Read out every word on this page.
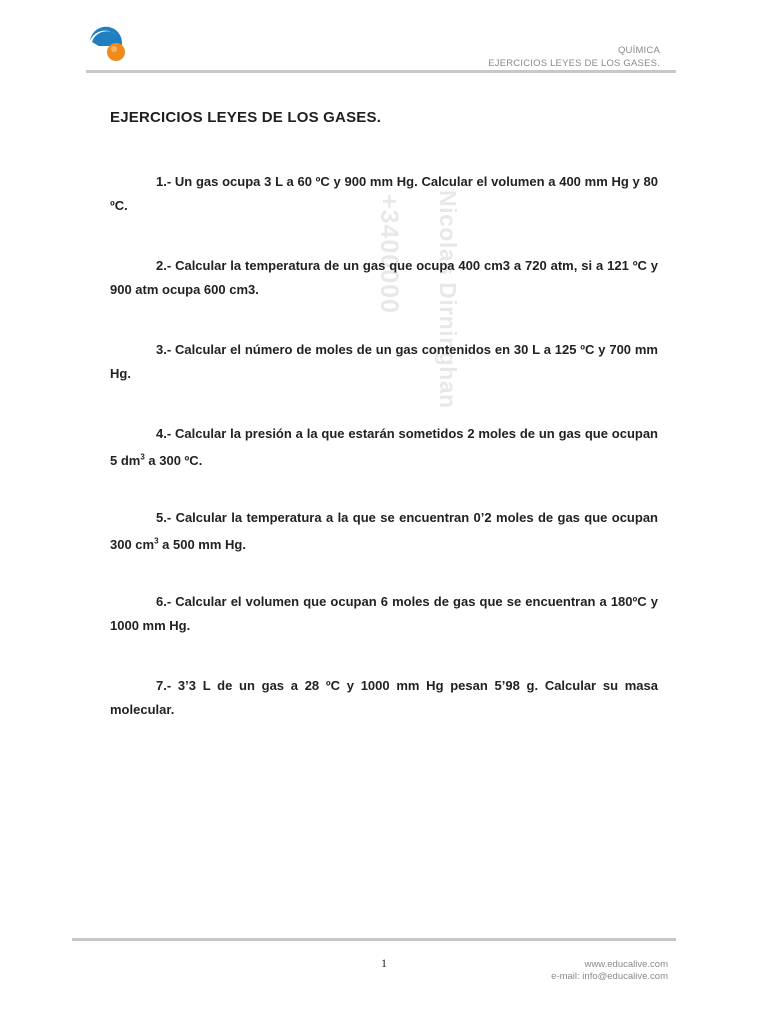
QUÍMICA
EJERCICIOS LEYES DE LOS GASES.
Nicolas Dirninghan
+3400000
EJERCICIOS LEYES DE LOS GASES.
1.- Un gas ocupa 3 L a 60 ºC y 900 mm Hg. Calcular el volumen a 400 mm Hg y 80 ºC.
2.- Calcular la temperatura de un gas que ocupa 400 cm3 a 720 atm, si a 121 ºC y 900 atm ocupa 600 cm3.
3.- Calcular el número de moles de un gas contenidos en 30 L a 125 ºC y 700 mm Hg.
4.- Calcular la presión a la que estarán sometidos 2 moles de un gas que ocupan 5 $dm^3$ a 300 ºC.
5.- Calcular la temperatura a la que se encuentran 0’2 moles de gas que ocupan 300 $cm^3$ a 500 mm Hg.
6.- Calcular el volumen que ocupan 6 moles de gas que se encuentran a 180ºC y 1000 mm Hg.
7.- 3’3 L de un gas a 28 ºC y 1000 mm Hg pesan 5’98 g. Calcular su masa molecular.
1	www.educalive.com
e-mail: info@educalive.com
